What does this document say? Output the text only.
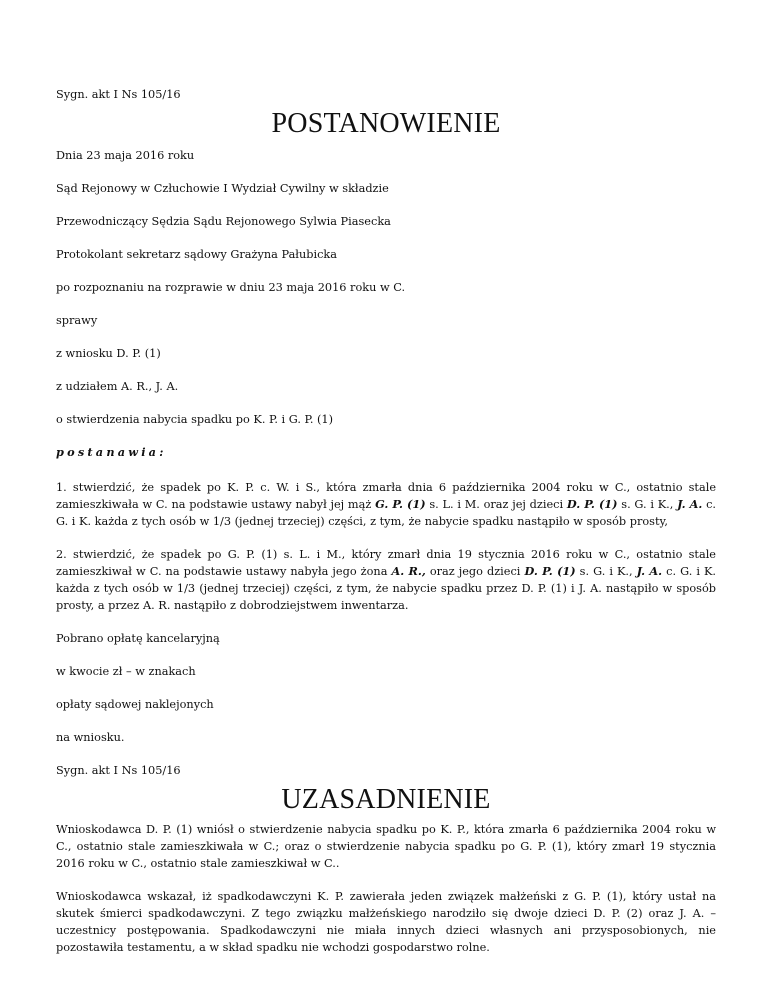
Sygn. akt I Ns 105/16

POSTANOWIENIE

Dnia 23 maja 2016 roku

Sąd Rejonowy w Człuchowie I Wydział Cywilny w składzie

Przewodniczący Sędzia Sądu Rejonowego Sylwia Piasecka

Protokolant sekretarz sądowy Grażyna Pałubicka

po rozpoznaniu na rozprawie w dniu 23 maja 2016 roku w C.

sprawy

z wniosku D. P. (1)

z udziałem A. R., J. A.

o stwierdzenia nabycia spadku po K. P. i G. P. (1)

postanawia:

1. stwierdzić, że spadek po K. P. c. W. i S., która zmarła dnia 6 października 2004 roku w C., ostatnio stale zamieszkiwała w C. na podstawie ustawy nabył jej mąż G. P. (1) s. L. i M. oraz jej dzieci D. P. (1) s. G. i K., J. A. c. G. i K. każda z tych osób w 1/3 (jednej trzeciej) części, z tym, że nabycie spadku nastąpiło w sposób prosty,

2. stwierdzić, że spadek po G. P. (1) s. L. i M., który zmarł dnia 19 stycznia 2016 roku w C., ostatnio stale zamieszkiwał w C. na podstawie ustawy nabyła jego żona A. R., oraz jego dzieci D. P. (1) s. G. i K., J. A. c. G. i K. każda z tych osób w 1/3 (jednej trzeciej) części, z tym, że nabycie spadku przez D. P. (1) i J. A. nastąpiło w sposób prosty, a przez A. R. nastąpiło z dobrodziejstwem inwentarza.

Pobrano opłatę kancelaryjną

w kwocie zł – w znakach

opłaty sądowej naklejonych

na wniosku.

Sygn. akt I Ns 105/16

UZASADNIENIE

Wnioskodawca D. P. (1) wniósł o stwierdzenie nabycia spadku po K. P., która zmarła 6 października 2004 roku w C., ostatnio stale zamieszkiwała w C.; oraz o stwierdzenie nabycia spadku po G. P. (1), który zmarł 19 stycznia 2016 roku w C., ostatnio stale zamieszkiwał w C..

Wnioskodawca wskazał, iż spadkodawczyni K. P. zawierała jeden związek małżeński z G. P. (1), który ustał na skutek śmierci spadkodawczyni. Z tego związku małżeńskiego narodziło się dwoje dzieci D. P. (2) oraz J. A. – uczestnicy postępowania. Spadkodawczyni nie miała innych dzieci własnych ani przysposobionych, nie pozostawiła testamentu, a w skład spadku nie wchodzi gospodarstwo rolne.
